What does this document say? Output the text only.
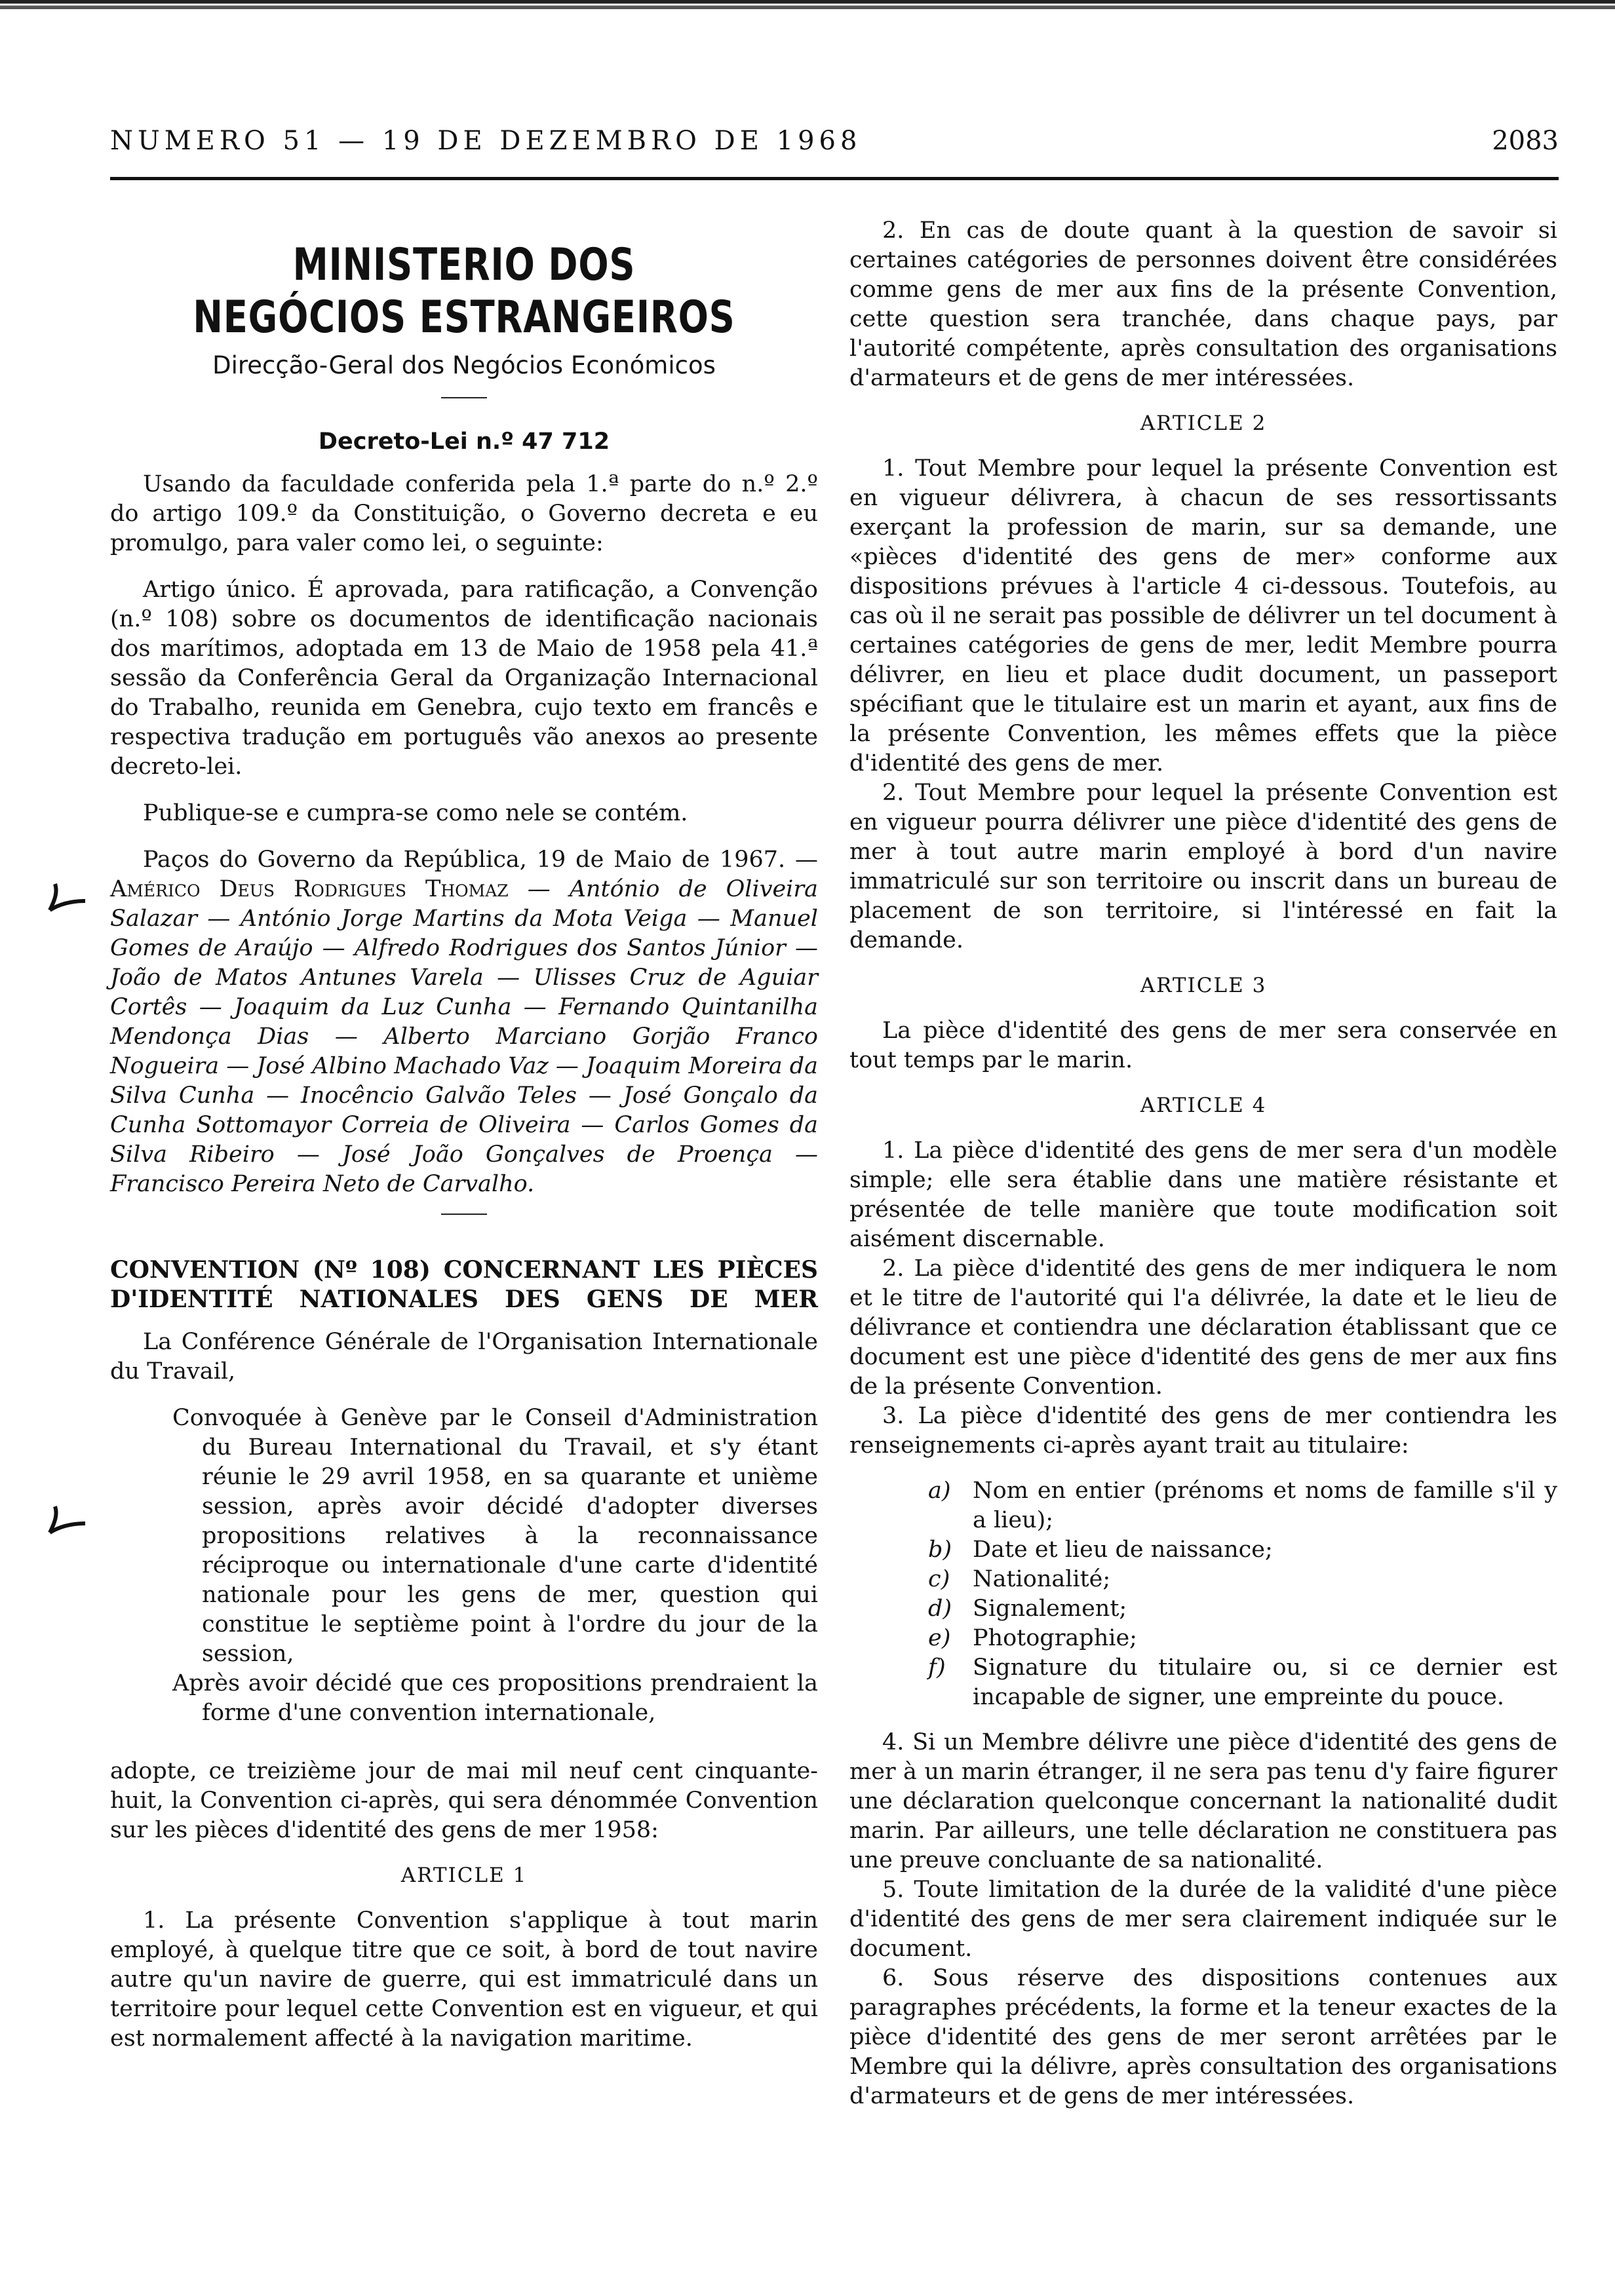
NUMERO 51 — 19 DE DEZEMBRO DE 1968	2083
MINISTERIO DOS NEGÓCIOS ESTRANGEIROS
Direcção-Geral dos Negócios Económicos
Decreto-Lei n.º 47 712

Usando da faculdade conferida pela 1.ª parte do n.º 2.º do artigo 109.º da Constituição, o Governo decreta e eu promulgo, para valer como lei, o seguinte:

Artigo único. É aprovada, para ratificação, a Convenção (n.º 108) sobre os documentos de identificação nacionais dos marítimos, adoptada em 13 de Maio de 1958 pela 41.ª sessão da Conferência Geral da Organização Internacional do Trabalho, reunida em Genebra, cujo texto em francês e respectiva tradução em português vão anexos ao presente decreto-lei.

Publique-se e cumpra-se como nele se contém.

Paços do Governo da República, 19 de Maio de 1967. — Américo Deus Rodrigues Thomaz — António de Oliveira Salazar — António Jorge Martins da Mota Veiga — Manuel Gomes de Araújo — Alfredo Rodrigues dos Santos Júnior — João de Matos Antunes Varela — Ulisses Cruz de Aguiar Cortês — Joaquim da Luz Cunha — Fernando Quintanilha Mendonça Dias — Alberto Marciano Gorjão Franco Nogueira — José Albino Machado Vaz — Joaquim Moreira da Silva Cunha — Inocêncio Galvão Teles — José Gonçalo da Cunha Sottomayor Correia de Oliveira — Carlos Gomes da Silva Ribeiro — José João Gonçalves de Proença — Francisco Pereira Neto de Carvalho.

CONVENTION (Nº 108) CONCERNANT LES PIÈCES D'IDENTITÉ NATIONALES DES GENS DE MER

La Conférence Générale de l'Organisation Internationale du Travail,

Convoquée à Genève par le Conseil d'Administration du Bureau International du Travail, et s'y étant réunie le 29 avril 1958, en sa quarante et unième session, après avoir décidé d'adopter diverses propositions relatives à la reconnaissance réciproque ou internationale d'une carte d'identité nationale pour les gens de mer, question qui constitue le septième point à l'ordre du jour de la session,

Après avoir décidé que ces propositions prendraient la forme d'une convention internationale,

adopte, ce treizième jour de mai mil neuf cent cinquante-huit, la Convention ci-après, qui sera dénommée Convention sur les pièces d'identité des gens de mer 1958:

ARTICLE 1

1. La présente Convention s'applique à tout marin employé, à quelque titre que ce soit, à bord de tout navire autre qu'un navire de guerre, qui est immatriculé dans un territoire pour lequel cette Convention est en vigueur, et qui est normalement affecté à la navigation maritime.

2. En cas de doute quant à la question de savoir si certaines catégories de personnes doivent être considérées comme gens de mer aux fins de la présente Convention, cette question sera tranchée, dans chaque pays, par l'autorité compétente, après consultation des organisations d'armateurs et de gens de mer intéressées.

ARTICLE 2

1. Tout Membre pour lequel la présente Convention est en vigueur délivrera, à chacun de ses ressortissants exerçant la profession de marin, sur sa demande, une «pièces d'identité des gens de mer» conforme aux dispositions prévues à l'article 4 ci-dessous. Toutefois, au cas où il ne serait pas possible de délivrer un tel document à certaines catégories de gens de mer, ledit Membre pourra délivrer, en lieu et place dudit document, un passeport spécifiant que le titulaire est un marin et ayant, aux fins de la présente Convention, les mêmes effets que la pièce d'identité des gens de mer.

2. Tout Membre pour lequel la présente Convention est en vigueur pourra délivrer une pièce d'identité des gens de mer à tout autre marin employé à bord d'un navire immatriculé sur son territoire ou inscrit dans un bureau de placement de son territoire, si l'intéressé en fait la demande.

ARTICLE 3

La pièce d'identité des gens de mer sera conservée en tout temps par le marin.

ARTICLE 4

1. La pièce d'identité des gens de mer sera d'un modèle simple; elle sera établie dans une matière résistante et présentée de telle manière que toute modification soit aisément discernable.

2. La pièce d'identité des gens de mer indiquera le nom et le titre de l'autorité qui l'a délivrée, la date et le lieu de délivrance et contiendra une déclaration établissant que ce document est une pièce d'identité des gens de mer aux fins de la présente Convention.

3. La pièce d'identité des gens de mer contiendra les renseignements ci-après ayant trait au titulaire:

a) Nom en entier (prénoms et noms de famille s'il y a lieu);
b) Date et lieu de naissance;
c) Nationalité;
d) Signalement;
e) Photographie;
f) Signature du titulaire ou, si ce dernier est incapable de signer, une empreinte du pouce.

4. Si un Membre délivre une pièce d'identité des gens de mer à un marin étranger, il ne sera pas tenu d'y faire figurer une déclaration quelconque concernant la nationalité dudit marin. Par ailleurs, une telle déclaration ne constituera pas une preuve concluante de sa nationalité.

5. Toute limitation de la durée de la validité d'une pièce d'identité des gens de mer sera clairement indiquée sur le document.

6. Sous réserve des dispositions contenues aux paragraphes précédents, la forme et la teneur exactes de la pièce d'identité des gens de mer seront arrêtées par le Membre qui la délivre, après consultation des organisations d'armateurs et de gens de mer intéressées.
